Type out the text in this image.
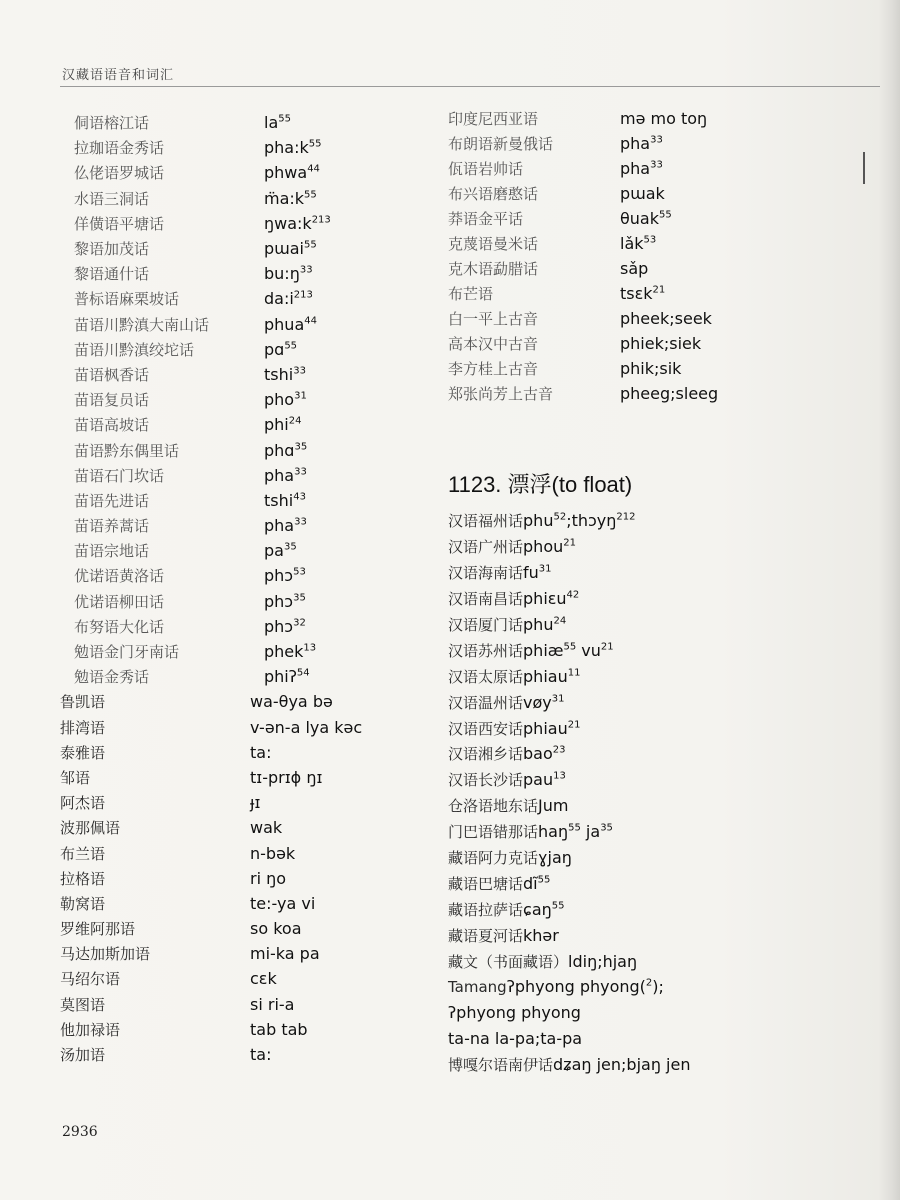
汉藏语语音和词汇
侗语榕江话	$la^{55}$
拉珈语金秀话	$pha:k^{55}$
仫佬语罗城话	phwa$^{44}$
水语三洞话	$m̈a:k^{55}$
佯僙语平塘话	$ŋwa:k^{213}$
黎语加茂话	pɯai$^{55}$
黎语通什话	$bu:ŋ^{33}$
普标语麻栗坡话	$da:i^{213}$
苗语川黔滇大南山话	phua$^{44}$
苗语川黔滇绞坨话	pɑ$^{55}$
苗语枫香话	tshi$^{33}$
苗语复员话	pho$^{31}$
苗语高坡话	phi$^{24}$
苗语黔东偶里话	phɑ$^{35}$
苗语石门坎话	pha$^{33}$
苗语先进话	tshi$^{43}$
苗语养蒿话	pha$^{33}$
苗语宗地话	$pa^{35}$
优诺语黄洛话	phɔ$^{53}$
优诺语柳田话	phɔ$^{35}$
布努语大化话	phɔ$^{32}$
勉语金门牙南话	phek$^{13}$
勉语金秀话	phiʔ$^{54}$
鲁凯语	wa-θya bə
排湾语	v-ən-a lya kəc
泰雅语	ta:
邹语	tɪ-prɪɸ ŋɪ
阿杰语	ɟɪ
波那佩语	wak
布兰语	n-bək
拉格语	ri ŋo
勒窝语	te:-ya vi
罗维阿那语	so koa
马达加斯加语	mi-ka pa
马绍尔语	cɛk
莫图语	si ri-a
他加禄语	tab tab
汤加语	ta:
印度尼西亚语	mə mo toŋ
布朗语新曼俄话	pha$^{33}$
佤语岩帅话	pha$^{33}$
布兴语磨憨话	pɯak
莽语金平话	θuak$^{55}$
克蔑语曼米话	lǎk$^{53}$
克木语勐腊话	sǎp
布芒语	tsɛk$^{21}$
白一平上古音	pheek;seek
高本汉中古音	phiek;siek
李方桂上古音	phik;sik
郑张尚芳上古音	pheeg;sleeg
1123. 漂浮(to float)
汉语福州话 phu$^{52}$;thɔyŋ$^{212}$
汉语广州话 phou$^{21}$
汉语海南话 $fu^{31}$
汉语南昌话 phiɛu$^{42}$
汉语厦门话 phu$^{24}$
汉语苏州话 phiæ$^{55}$ $vu^{21}$
汉语太原话 phiau$^{11}$
汉语温州话 vøy$^{31}$
汉语西安话 phiau$^{21}$
汉语湘乡话 bao$^{23}$
汉语长沙话 pau$^{13}$
仓洛语地东话 Jum
门巴语错那话 haŋ$^{55}$ $ja^{35}$
藏语阿力克话 ɣjaŋ
藏语巴塘话 $dĩ^{55}$
藏语拉萨话 ɕaŋ$^{55}$
藏语夏河话 khər
藏文（书面藏语） ldiŋ;hjaŋ
Tamang ʔphyong phyong($^2$);
ʔphyong phyong
ta-na la-pa;ta-pa
博嘎尔语南伊话 dʑaŋ jen;bjaŋ jen
2936
